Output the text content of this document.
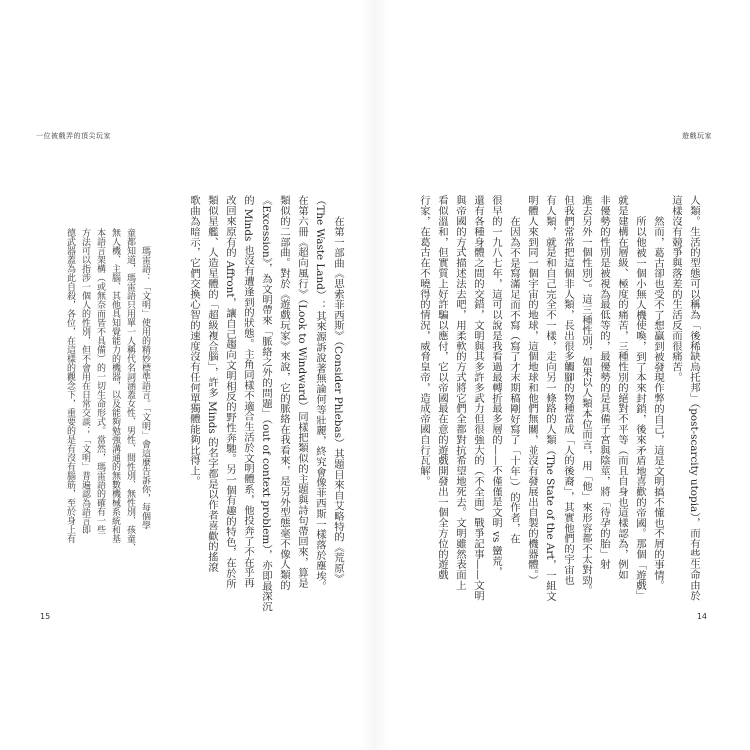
一位被戲弄的頂尖玩家
在第一部曲《思索菲西斯》（Consider Phlebas）其題目來自艾略特的《荒原》
（The Waste Land）：其來源訴說著無論何等壯麗，終究會像菲西斯一樣落於塵埃。
在第六冊《超向風行》（Look to Windward）同樣把類似的主題與詩句帶回來，算是
類似的二部曲。對於《遊戲玩家》來說，它的脈絡在我看來，是另外型態毫不像人類的
《Excession》，為文明帶來「脈絡之外的問題」（out of context problem），亦即最深沉
的 Minds 也沒有遭逢到的狀態。主角同樣不適合生活於文明體系，他投奔了不在乎再
改回來原有的 Affront，讓自己趨向文明相反的野性奔馳。另一個有趣的特色，在於所
類似星艦、人造星體的「超級複合腦」，許多 Minds 的名字都是以作者喜歡的搖滾
歌曲為暗示，它們交換心智的速度沒有任何單獨體能夠比得上。
瑪雷語：「文明」使用的精妙標準語言。「文明」會這麼告訴你，每個學
童都知道，瑪雷語只用單一人稱代名詞涵蓋女性、男性、間性別、無性別、孩童、
無人機、主腦、其他具知覺能力的機器，以及能夠勉強溝通的無數機械系統和基
本語言架構（或無奈而皆不具備）的一切生命形式。當然，瑪雷語的確有一些
方法可以指涉一個人的性別，但不會用在日常交談；「文明」普遍認為語言即
德武器蓋為此自殺，各位，在這樣的觀念下，重要的是有沒有腦筋，至於身上有
15
遊戲玩家
人類。生活的型態可以稱為「後稀缺烏托邦」（post-scarcity utopia），而有些生命由於
這樣沒有競爭與落差的生活反而很痛苦。
然而，葛古卻也受不了想贏到被發現作弊的自己，這是文明搞不懂也不屑的事情。
所以他被一個小無人機使喚，到了本來封鎖，後來矛盾地喜歡的帝國。那個「遊戲」
就是建構在層級、極度的痛苦，三種性別的絕對不平等（而且自身也這樣認為，例如
非優勢的性別是被視為最低等的，最優勢的是具備子宮與陰莖，將「待孕的胎」射
進去另外一個性別）。這三種性別，如果以人類本位而言，用「他」來形容都不太對勁。
但我們常常把這個非人類，長出很多觸腳的物種當成「人的後裔」，其實他們的宇宙也
有人類，就是和自己完全不一樣，走向另一條路的人類（The State of the Art，一組文
明體人來到同一個宇宙的地球，這個地球和他們無關，並沒有發展出自製的機器體。）
在因為不是寫滿足而不寫（寫了才末期稿剛好寫了「十年」）的作者，在
很早的一九八七年，這可以說是我看過最轉折最多層的——不僅僅是文明 vs 蠻荒，
還有各種身體之間的交錯，文明與其多許多武力但很強大的（不全面）戰爭記事——文明
與帝國的方式描述法去吧，用柔軟的方式將它們全都對抗希望地死去。文明雖然表面上
看似溫和，但實質上好許騙以應付，它以帝國最在意的遊戲開發出一個全方位的遊戲
行家，在葛古在不曉得的情況，威脅皇帝，造成帝國自行瓦解。
14
